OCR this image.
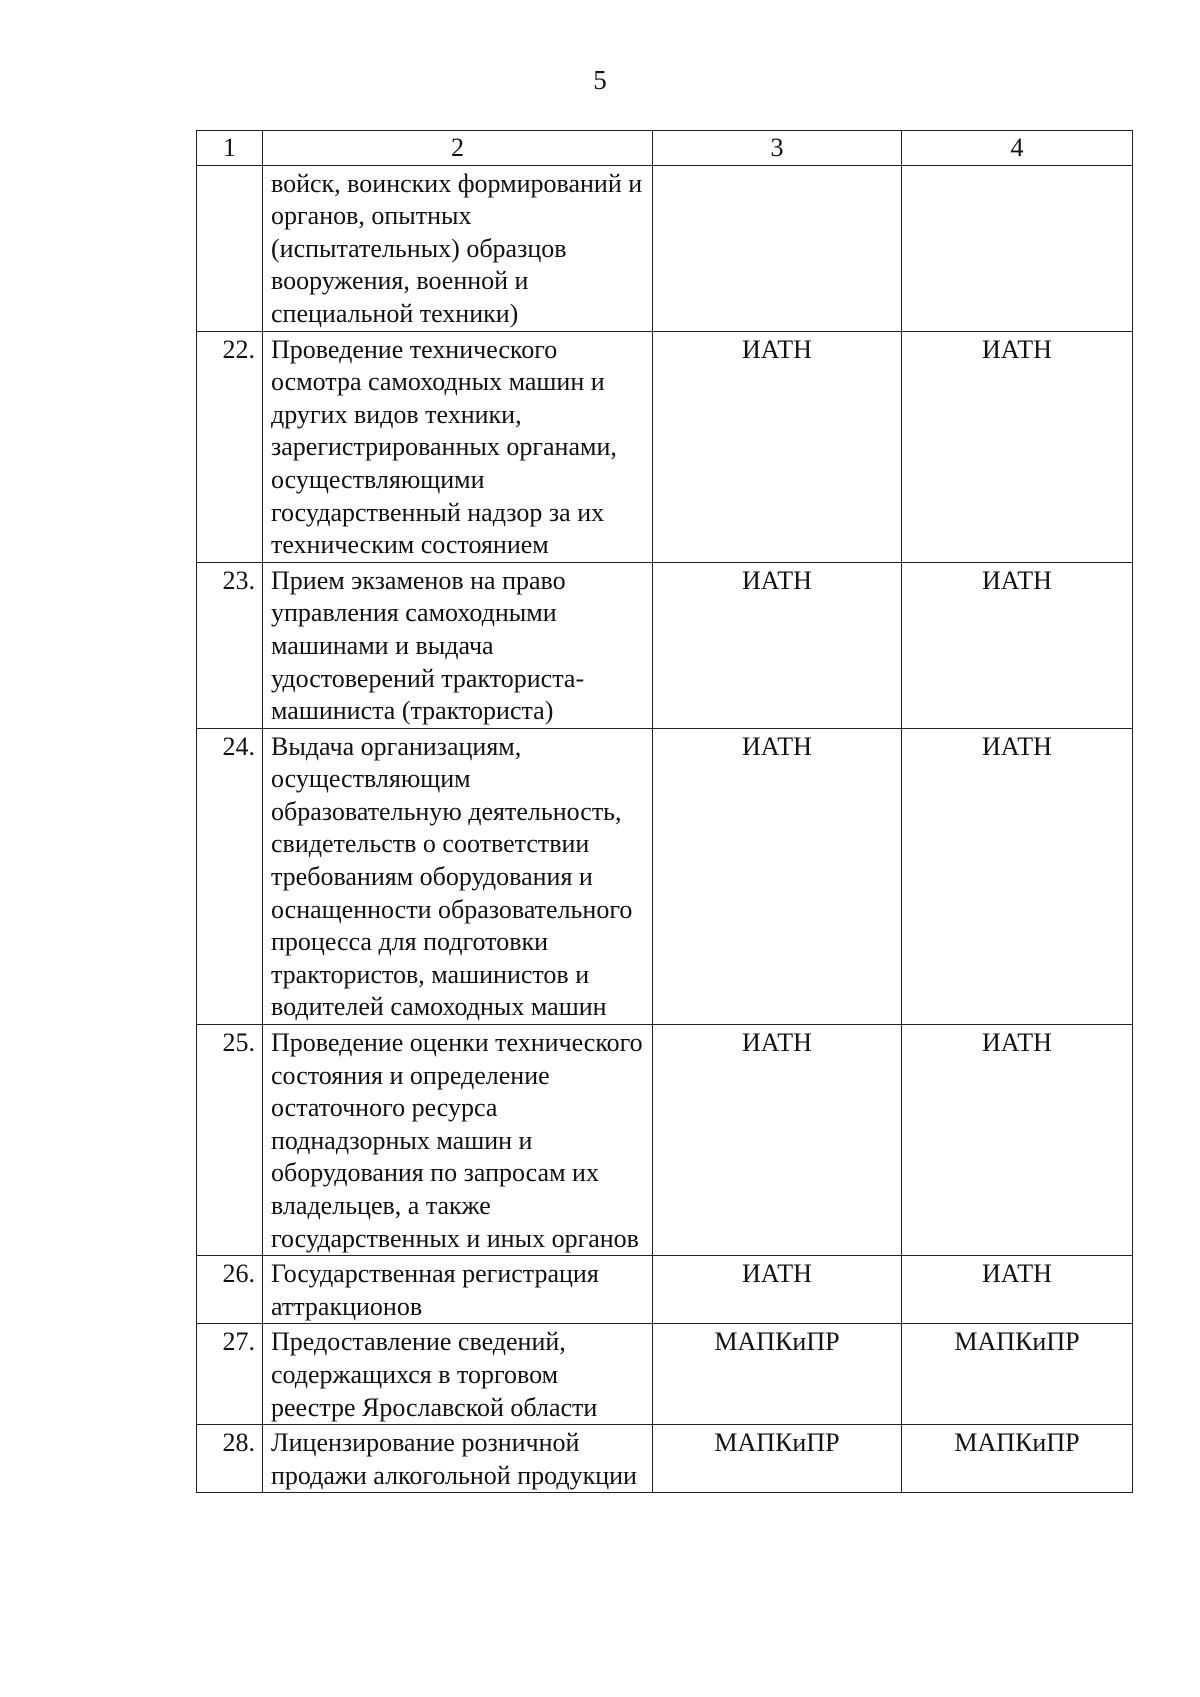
5
1	2	3	4
	войск, воинских формирований и органов, опытных (испытательных) образцов вооружения, военной и специальной техники)		
22.	Проведение технического осмотра самоходных машин и других видов техники, зарегистрированных органами, осуществляющими государственный надзор за их техническим состоянием	ИАТН	ИАТН
23.	Прием экзаменов на право управления самоходными машинами и выдача удостоверений тракториста-машиниста (тракториста)	ИАТН	ИАТН
24.	Выдача организациям, осуществляющим образовательную деятельность, свидетельств о соответствии требованиям оборудования и оснащенности образовательного процесса для подготовки трактористов, машинистов и водителей самоходных машин	ИАТН	ИАТН
25.	Проведение оценки технического состояния и определение остаточного ресурса поднадзорных машин и оборудования по запросам их владельцев, а также государственных и иных органов	ИАТН	ИАТН
26.	Государственная регистрация аттракционов	ИАТН	ИАТН
27.	Предоставление сведений, содержащихся в торговом реестре Ярославской области	МАПКиПР	МАПКиПР
28.	Лицензирование розничной продажи алкогольной продукции	МАПКиПР	МАПКиПР
